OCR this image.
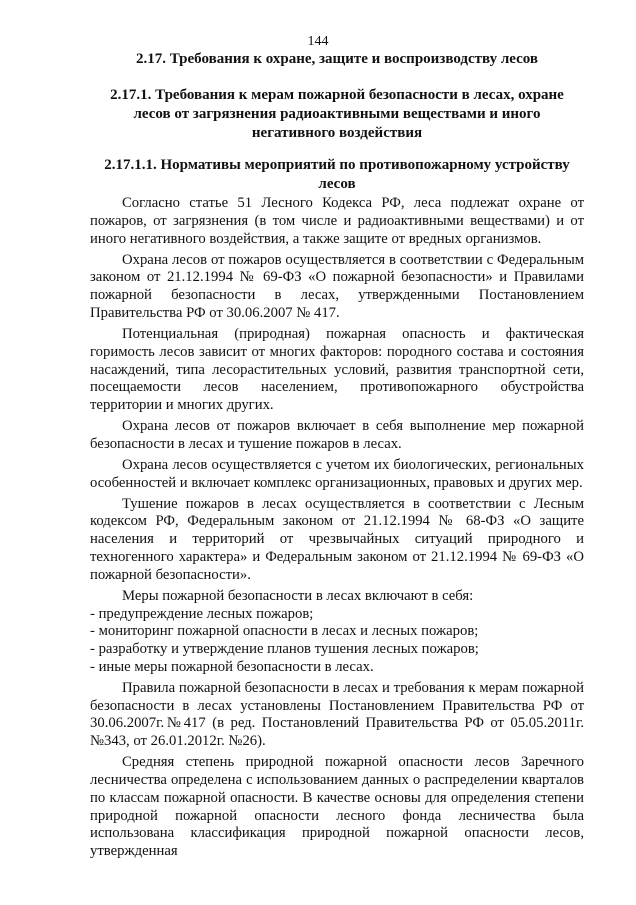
144
2.17. Требования к охране, защите и воспроизводству лесов
2.17.1. Требования к мерам пожарной безопасности в лесах, охране лесов от загрязнения радиоактивными веществами и иного негативного воздействия
2.17.1.1. Нормативы мероприятий по противопожарному устройству лесов

Согласно статье 51 Лесного Кодекса РФ, леса подлежат охране от пожаров, от загрязнения (в том числе и радиоактивными веществами) и от иного негативного воздействия, а также защите от вредных организмов.

Охрана лесов от пожаров осуществляется в соответствии с Федеральным законом от 21.12.1994 № 69-ФЗ «О пожарной безопасности» и Правилами пожарной безопасности в лесах, утвержденными Постановлением Правительства РФ от 30.06.2007 № 417.

Потенциальная (природная) пожарная опасность и фактическая горимость лесов зависит от многих факторов: породного состава и состояния насаждений, типа лесорастительных условий, развития транспортной сети, посещаемости лесов населением, противопожарного обустройства территории и многих других.

Охрана лесов от пожаров включает в себя выполнение мер пожарной безопасности в лесах и тушение пожаров в лесах.

Охрана лесов осуществляется с учетом их биологических, региональных особенностей и включает комплекс организационных, правовых и других мер.

Тушение пожаров в лесах осуществляется в соответствии с Лесным кодексом РФ, Федеральным законом от 21.12.1994 № 68-ФЗ «О защите населения и территорий от чрезвычайных ситуаций природного и техногенного характера» и Федеральным законом от 21.12.1994 № 69-ФЗ «О пожарной безопасности».

Меры пожарной безопасности в лесах включают в себя:

- предупреждение лесных пожаров;
- мониторинг пожарной опасности в лесах и лесных пожаров;
- разработку и утверждение планов тушения лесных пожаров;
- иные меры пожарной безопасности в лесах.

Правила пожарной безопасности в лесах и требования к мерам пожарной безопасности в лесах установлены Постановлением Правительства РФ от 30.06.2007г.№417 (в ред. Постановлений Правительства РФ от 05.05.2011г. №343, от 26.01.2012г. №26).

Средняя степень природной пожарной опасности лесов Заречного лесничества определена с использованием данных о распределении кварталов по классам пожарной опасности. В качестве основы для определения степени природной пожарной опасности лесного фонда лесничества была использована классификация природной пожарной опасности лесов, утвержденная
